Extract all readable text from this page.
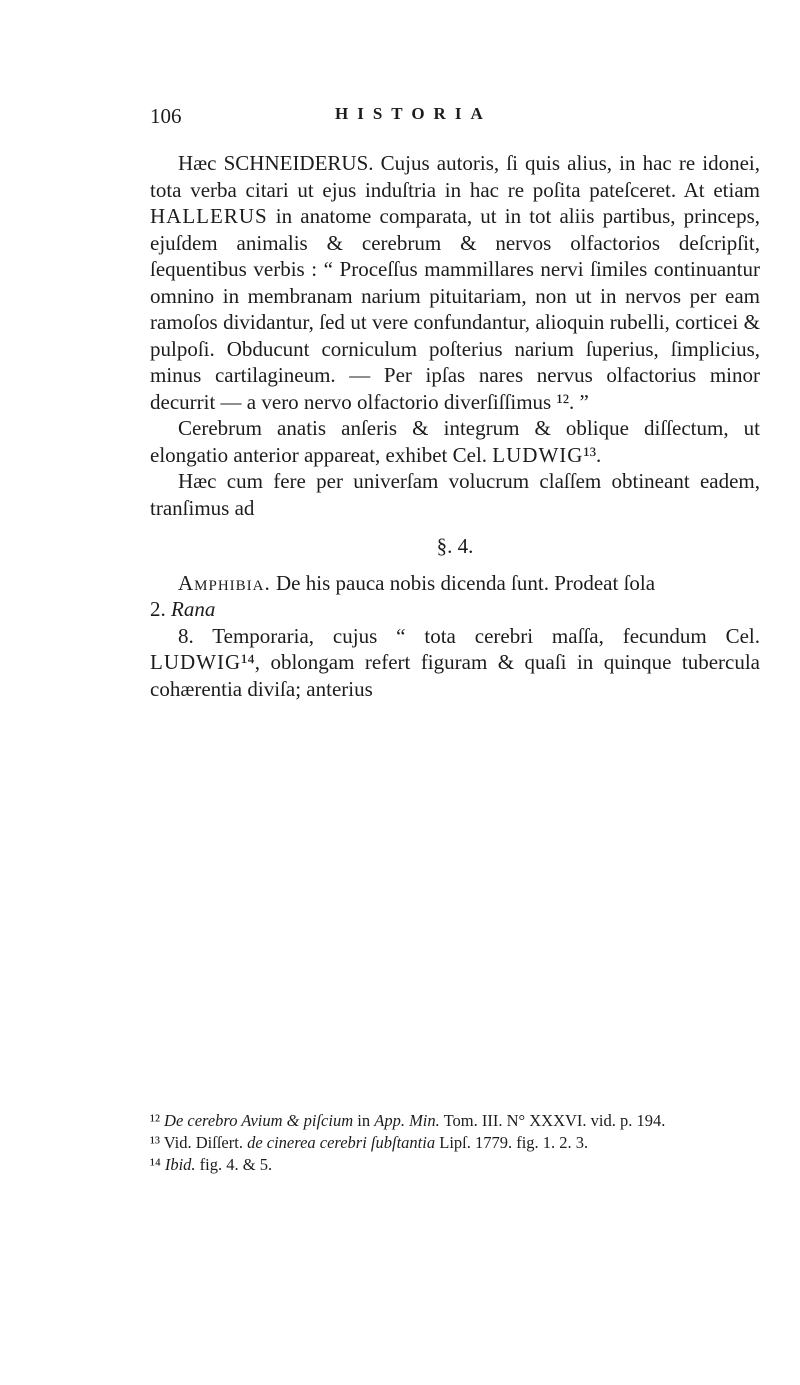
106	HISTORIA

Hæc SCHNEIDERUS. Cujus autoris, ſi quis alius, in hac re idonei, tota verba citari ut ejus induſtria in hac re poſita pateſceret. At etiam HALLERUS in anatome comparata, ut in tot aliis partibus, princeps, ejuſdem animalis & cerebrum & nervos olfactorios deſcripſit, ſequentibus verbis : “ Proceſſus mammillares nervi ſimiles continuantur omnino in membranam narium pituitariam, non ut in nervos per eam ramoſos dividantur, ſed ut vere confundantur, alioquin rubelli, corticei & pulpoſi. Obducunt corniculum poſterius narium ſuperius, ſimplicius, minus cartilagineum. — Per ipſas nares nervus olfactorius minor decurrit — a vero nervo olfactorio diverſiſſimus ¹². ”

Cerebrum anatis anſeris & integrum & oblique diſſectum, ut elongatio anterior appareat, exhibet Cel. LUDWIG¹³.

Hæc cum fere per univerſam volucrum claſſem obtineant eadem, tranſimus ad

§. 4.

Amphibia. De his pauca nobis dicenda ſunt. Prodeat ſola

2. Rana

8. Temporaria, cujus “ tota cerebri maſſa, fecundum Cel. LUDWIG¹⁴, oblongam refert figuram & quaſi in quinque tubercula cohærentia diviſa; anterius

¹² De cerebro Avium & piſcium in App. Min. Tom. III. N° XXXVI. vid. p. 194.

¹³ Vid. Diſſert. de cinerea cerebri ſubſtantia Lipſ. 1779. fig. 1. 2. 3.

¹⁴ Ibid. fig. 4. & 5.
